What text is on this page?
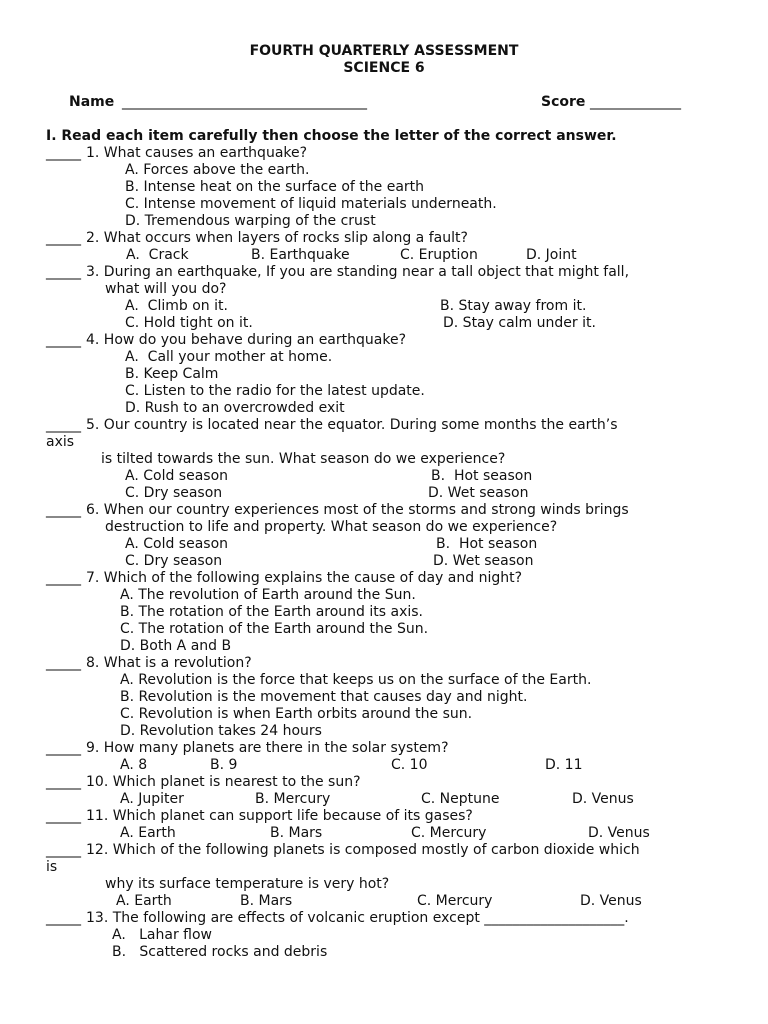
FOURTH QUARTERLY ASSESSMENT
SCIENCE 6
Name ___________________________________	Score _____________
I. Read each item carefully then choose the letter of the correct answer.
_____ 1. What causes an earthquake?
A. Forces above the earth.
B. Intense heat on the surface of the earth
C. Intense movement of liquid materials underneath.
D. Tremendous warping of the crust
_____ 2. What occurs when layers of rocks slip along a fault?
A.  Crack	B. Earthquake	C. Eruption	D. Joint
_____ 3. During an earthquake, If you are standing near a tall object that might fall,
what will you do?
A.  Climb on it.	B. Stay away from it.
C. Hold tight on it.	D. Stay calm under it.
_____ 4. How do you behave during an earthquake?
A.  Call your mother at home.
B. Keep Calm
C. Listen to the radio for the latest update.
D. Rush to an overcrowded exit
_____ 5. Our country is located near the equator. During some months the earth’s
axis
is tilted towards the sun. What season do we experience?
A. Cold season	B.  Hot season
C. Dry season	D. Wet season
_____ 6. When our country experiences most of the storms and strong winds brings
destruction to life and property. What season do we experience?
A. Cold season	B.  Hot season
C. Dry season	D. Wet season
_____ 7. Which of the following explains the cause of day and night?
A. The revolution of Earth around the Sun.
B. The rotation of the Earth around its axis.
C. The rotation of the Earth around the Sun.
D. Both A and B
_____ 8. What is a revolution?
A. Revolution is the force that keeps us on the surface of the Earth.
B. Revolution is the movement that causes day and night.
C. Revolution is when Earth orbits around the sun.
D. Revolution takes 24 hours
_____ 9. How many planets are there in the solar system?
A. 8	B. 9	C. 10	D. 11
_____ 10. Which planet is nearest to the sun?
A. Jupiter	B. Mercury	C. Neptune	D. Venus
_____ 11. Which planet can support life because of its gases?
A. Earth	B. Mars	C. Mercury	D. Venus
_____ 12. Which of the following planets is composed mostly of carbon dioxide which
is
why its surface temperature is very hot?
A. Earth	B. Mars	C. Mercury	D. Venus
_____ 13. The following are effects of volcanic eruption except ____________________.
A.   Lahar flow
B.   Scattered rocks and debris
